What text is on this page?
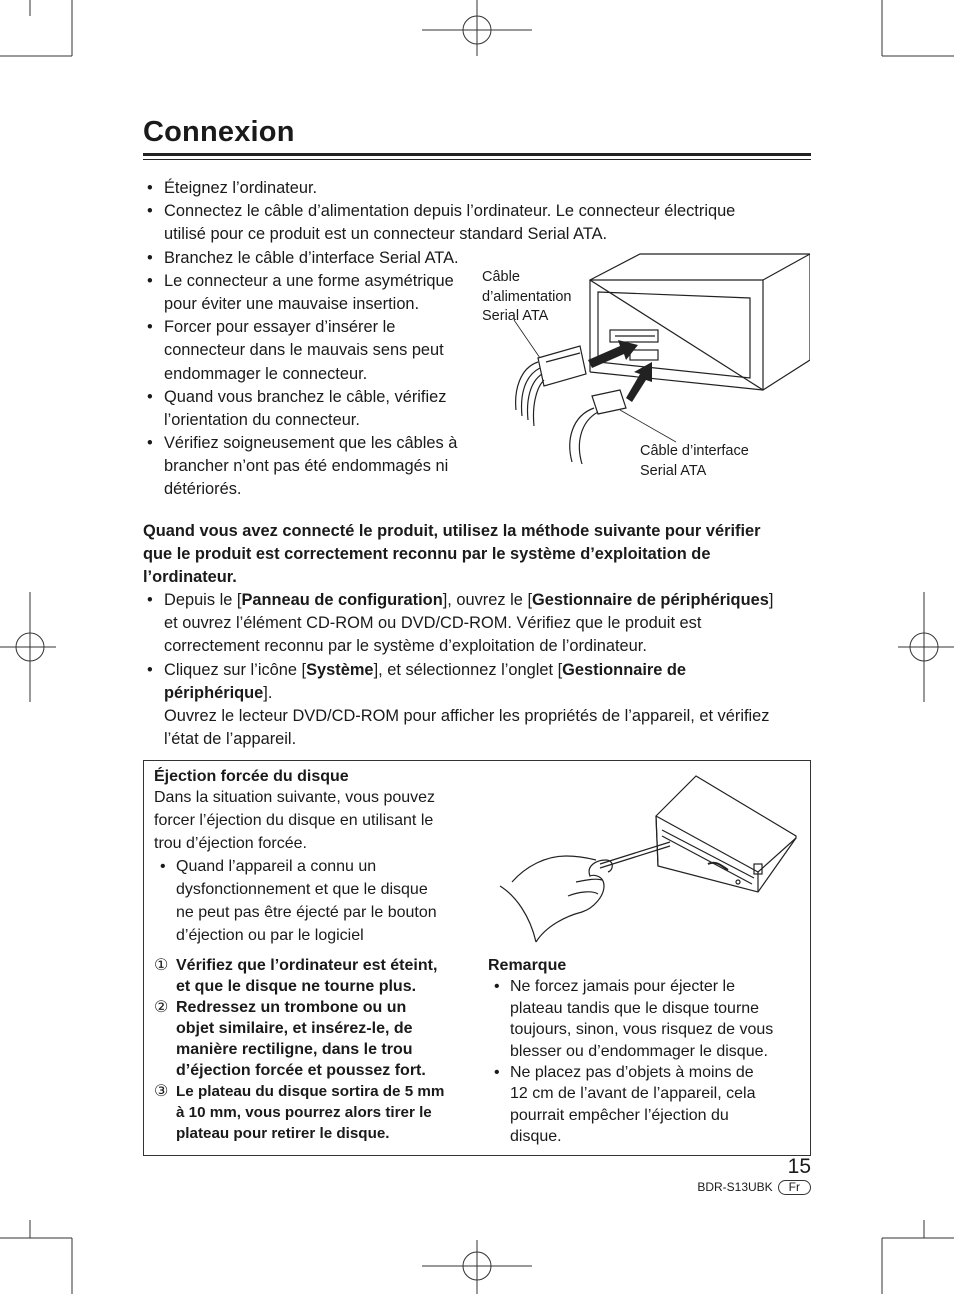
Connexion
• Éteignez l’ordinateur.
• Connectez le câble d’alimentation depuis l’ordinateur. Le connecteur électrique
utilisé pour ce produit est un connecteur standard Serial ATA.
• Branchez le câble d’interface Serial ATA.
• Le connecteur a une forme asymétrique
pour éviter une mauvaise insertion.
• Forcer pour essayer d’insérer le
connecteur dans le mauvais sens peut
endommager le connecteur.
• Quand vous branchez le câble, vérifiez
l’orientation du connecteur.
• Vérifiez soigneusement que les câbles à
brancher n’ont pas été endommagés ni
détériorés.
Câble
d’alimentation
Serial ATA
Câble d’interface
Serial ATA
Quand vous avez connecté le produit, utilisez la méthode suivante pour vérifier
que le produit est correctement reconnu par le système d’exploitation de
l’ordinateur.
• Depuis le [Panneau de configuration], ouvrez le [Gestionnaire de périphériques]
et ouvrez l’élément CD-ROM ou DVD/CD-ROM. Vérifiez que le produit est
correctement reconnu par le système d’exploitation de l’ordinateur.
• Cliquez sur l’icône [Système], et sélectionnez l’onglet [Gestionnaire de
périphérique].
Ouvrez le lecteur DVD/CD-ROM pour afficher les propriétés de l’appareil, et vérifiez
l’état de l’appareil.
Éjection forcée du disque
Dans la situation suivante, vous pouvez
forcer l’éjection du disque en utilisant le
trou d’éjection forcée.
• Quand l’appareil a connu un
dysfonctionnement et que le disque
ne peut pas être éjecté par le bouton
d’éjection ou par le logiciel
① Vérifiez que l’ordinateur est éteint,
et que le disque ne tourne plus.
② Redressez un trombone ou un
objet similaire, et insérez-le, de
manière rectiligne, dans le trou
d’éjection forcée et poussez fort.
③ Le plateau du disque sortira de 5 mm
à 10 mm, vous pourrez alors tirer le
plateau pour retirer le disque.
Remarque
• Ne forcez jamais pour éjecter le
plateau tandis que le disque tourne
toujours, sinon, vous risquez de vous
blesser ou d’endommager le disque.
• Ne placez pas d’objets à moins de
12 cm de l’avant de l’appareil, cela
pourrait empêcher l’éjection du
disque.
15
BDR-S13UBK Fr
